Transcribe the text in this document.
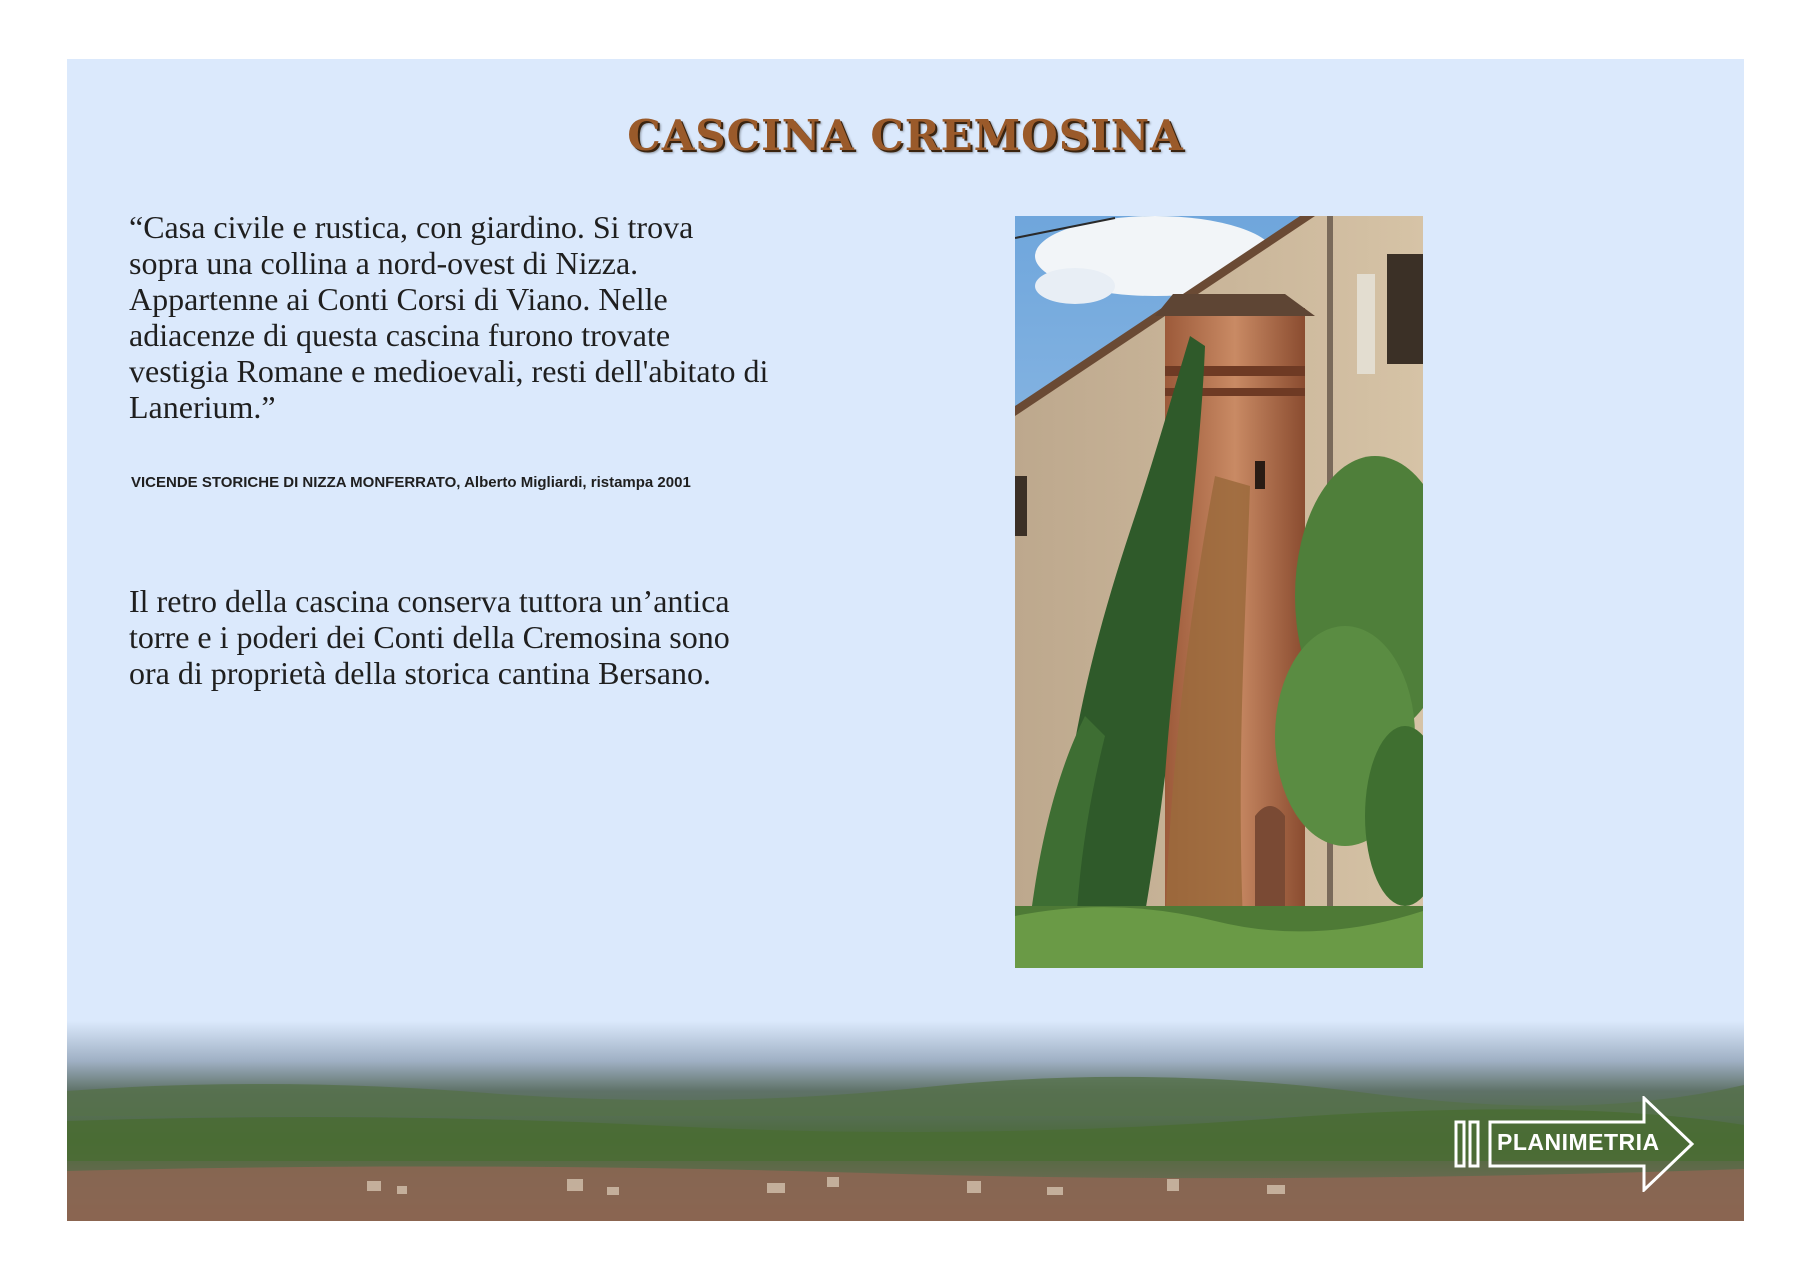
CASCINA CREMOSINA
“Casa civile e rustica, con giardino. Si trova sopra una collina a nord-ovest di Nizza. Appartenne ai Conti Corsi di Viano. Nelle adiacenze di questa cascina furono trovate vestigia Romane e medioevali, resti dell'abitato di Lanerium.”
VICENDE STORICHE DI NIZZA MONFERRATO, Alberto Migliardi, ristampa 2001
Il retro della cascina conserva tuttora un’antica torre e i poderi dei Conti della Cremosina sono ora di proprietà della storica cantina Bersano.
PLANIMETRIA
